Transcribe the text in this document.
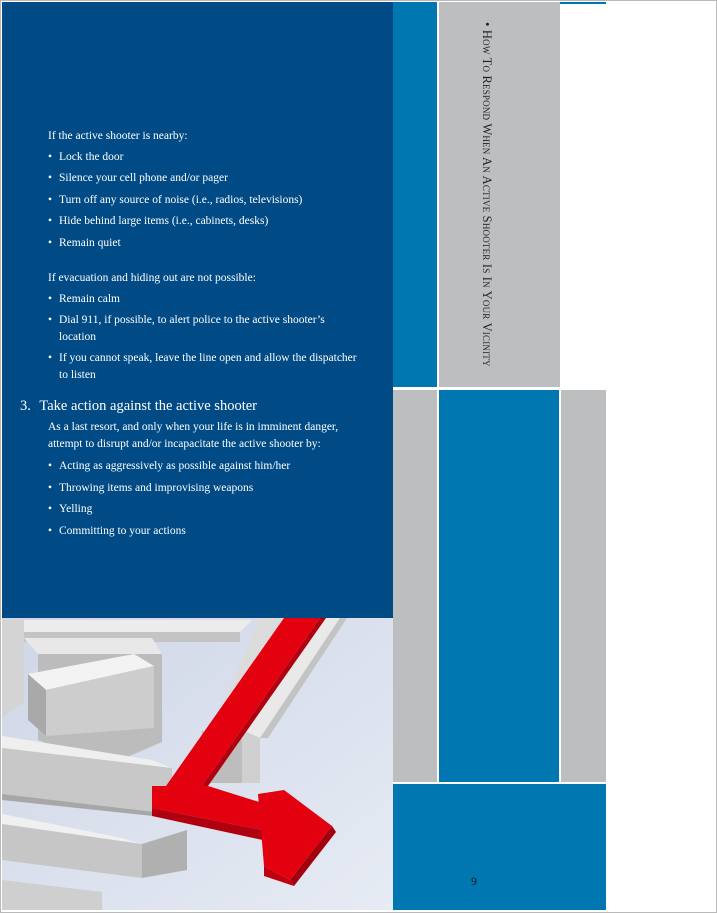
If the active shooter is nearby:

• Lock the door
• Silence your cell phone and/or pager
• Turn off any source of noise (i.e., radios, televisions)
• Hide behind large items (i.e., cabinets, desks)
• Remain quiet

If evacuation and hiding out are not possible:

• Remain calm
• Dial 911, if possible, to alert police to the active shooter’s location
• If you cannot speak, leave the line open and allow the dispatcher to listen
3. Take action against the active shooter

As a last resort, and only when your life is in imminent danger, attempt to disrupt and/or incapacitate the active shooter by:

• Acting as aggressively as possible against him/her
• Throwing items and improvising weapons
• Yelling
• Committing to your actions
• How To Respond When An Active Shooter Is In Your Vicinity
9
